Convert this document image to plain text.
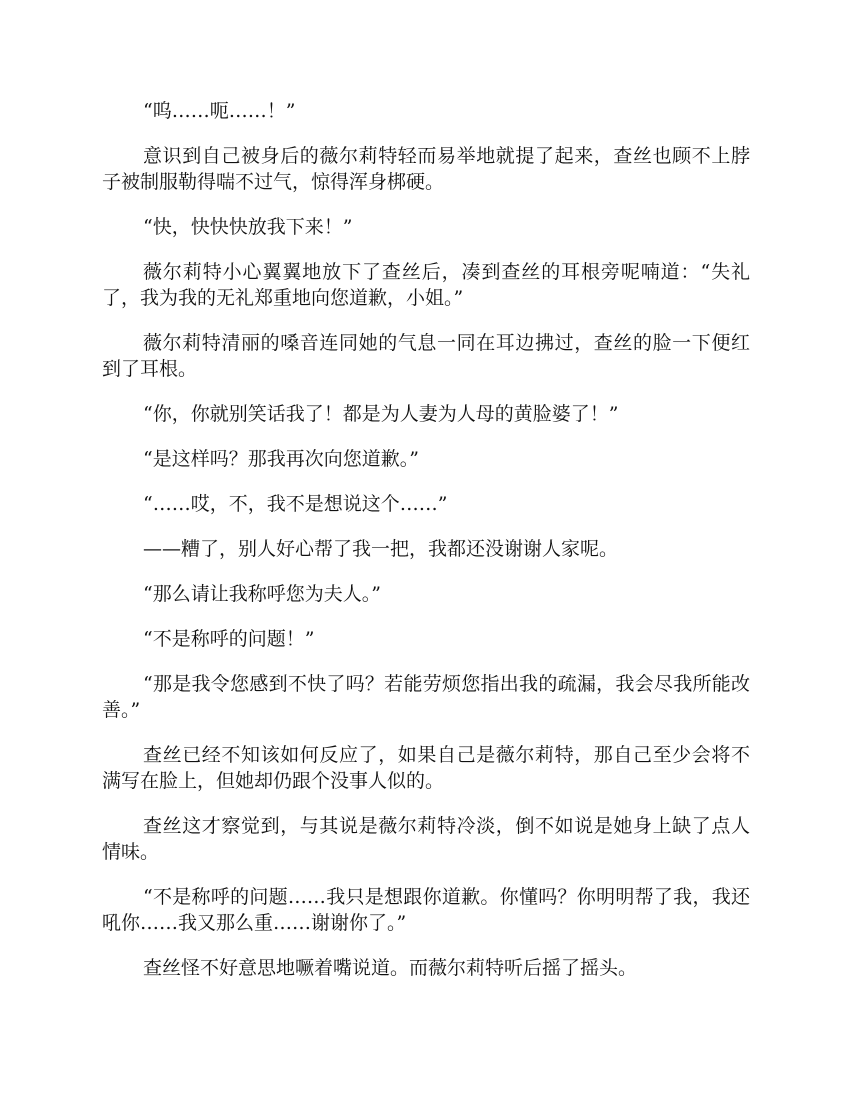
“呜……呃……！”

意识到自己被身后的薇尔莉特轻而易举地就提了起来，查丝也顾不上脖子被制服勒得喘不过气，惊得浑身梆硬。

“快，快快快放我下来！”

薇尔莉特小心翼翼地放下了查丝后，凑到查丝的耳根旁呢喃道：“失礼了，我为我的无礼郑重地向您道歉，小姐。”

薇尔莉特清丽的嗓音连同她的气息一同在耳边拂过，查丝的脸一下便红到了耳根。

“你，你就别笑话我了！都是为人妻为人母的黄脸婆了！”

“是这样吗？那我再次向您道歉。”

“……哎，不，我不是想说这个……”

——糟了，别人好心帮了我一把，我都还没谢谢人家呢。

“那么请让我称呼您为夫人。”

“不是称呼的问题！”

“那是我令您感到不快了吗？若能劳烦您指出我的疏漏，我会尽我所能改善。”

查丝已经不知该如何反应了，如果自己是薇尔莉特，那自己至少会将不满写在脸上，但她却仍跟个没事人似的。

查丝这才察觉到，与其说是薇尔莉特冷淡，倒不如说是她身上缺了点人情味。

“不是称呼的问题……我只是想跟你道歉。你懂吗？你明明帮了我，我还吼你……我又那么重……谢谢你了。”

查丝怪不好意思地噘着嘴说道。而薇尔莉特听后摇了摇头。
